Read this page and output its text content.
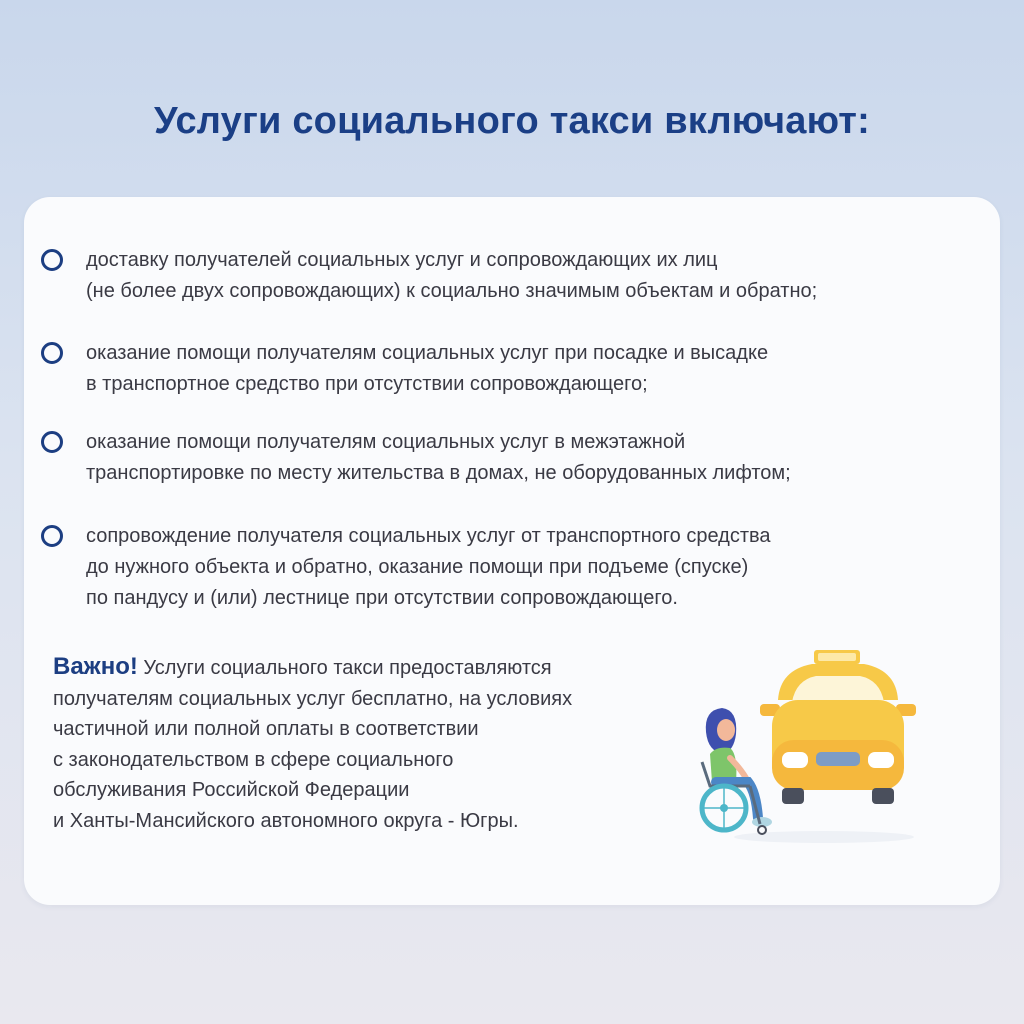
Услуги социального такси включают:
доставку получателей социальных услуг и сопровождающих их лиц
(не более двух сопровождающих) к социально значимым объектам и обратно;
оказание помощи получателям социальных услуг при посадке и высадке
в транспортное средство при отсутствии сопровождающего;
оказание помощи получателям социальных услуг в межэтажной
транспортировке по месту жительства в домах, не оборудованных лифтом;
сопровождение получателя социальных услуг от транспортного средства
до нужного объекта и обратно, оказание помощи при подъеме (спуске)
по пандусу и (или) лестнице при отсутствии сопровождающего.
Важно! Услуги социального такси предоставляются
получателям социальных услуг бесплатно, на условиях
частичной или полной оплаты в соответствии
с законодательством в сфере социального
обслуживания Российской Федерации
и Ханты-Мансийского автономного округа - Югры.
